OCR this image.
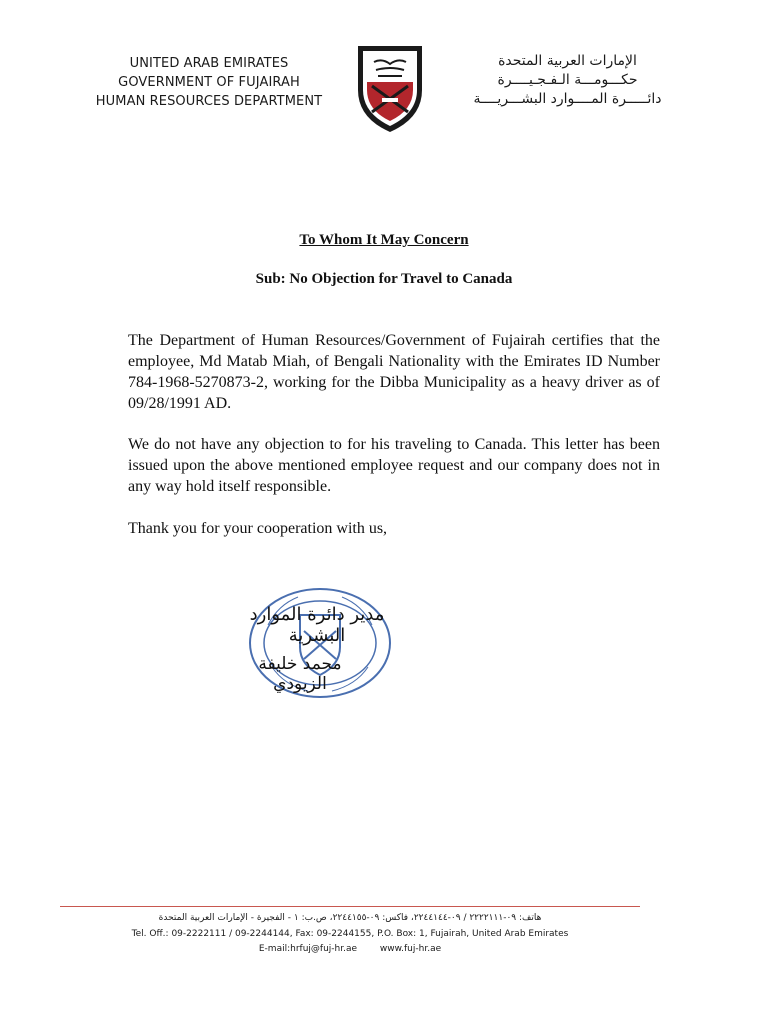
UNITED ARAB EMIRATES
GOVERNMENT OF FUJAIRAH
HUMAN RESOURCES DEPARTMENT
الإمارات العربية المتحدة
حكـــومـــة الـفـجـيــــرة
دائـــــرة المــــوارد البشـــريــــة
To Whom It May Concern
Sub: No Objection for Travel to Canada

The Department of Human Resources/Government of Fujairah certifies that the employee, Md Matab Miah, of Bengali Nationality with the Emirates ID Number 784-1968-5270873-2, working for the Dibba Municipality as a heavy driver as of 09/28/1991 AD.

We do not have any objection to for his traveling to Canada. This letter has been issued upon the above mentioned employee request and our company does not in any way hold itself responsible.

Thank you for your cooperation with us,

مدير دائرة الموارد البشرية
محمد خليفة الزيودي
هاتف: ٠٩-٢٢٢٢١١١ / ٠٩-٢٢٤٤١٤٤، فاكس: ٠٩-٢٢٤٤١٥٥، ص.ب: ١ - الفجيرة - الإمارات العربية المتحدة
Tel. Off.: 09-2222111 / 09-2244144, Fax: 09-2244155, P.O. Box: 1, Fujairah, United Arab Emirates
E-mail:hrfuj@fuj-hr.ae	www.fuj-hr.ae
